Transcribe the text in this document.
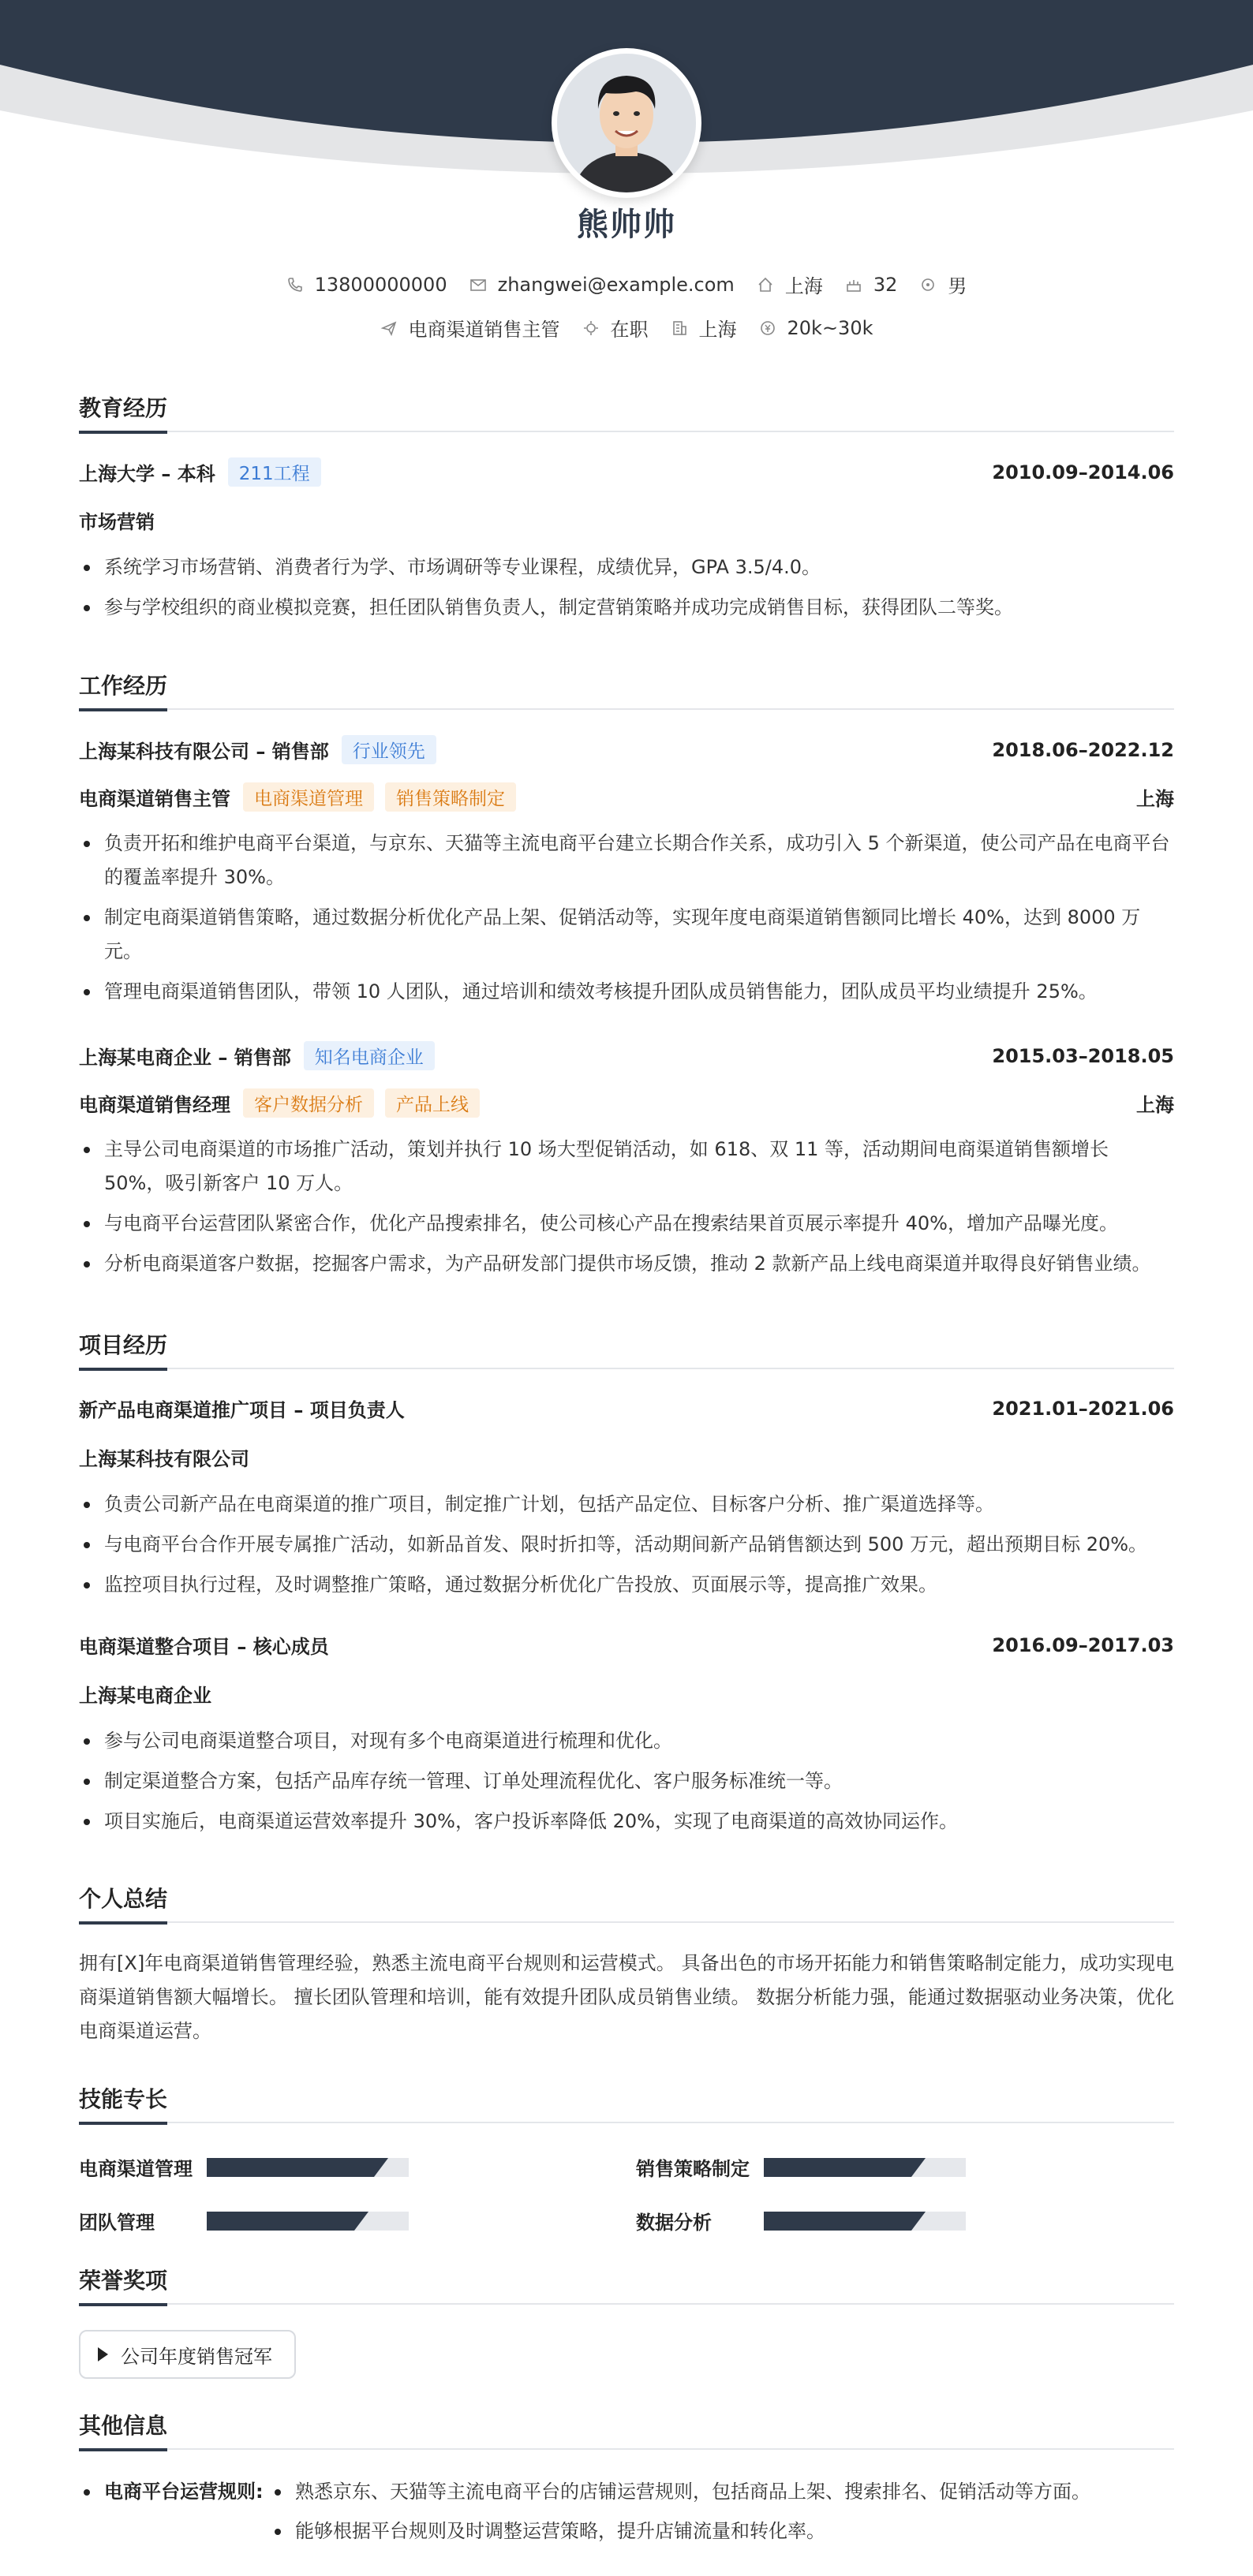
熊帅帅
13800000000	zhangwei@example.com	上海	32	男
电商渠道销售主管	在职	上海	20k~30k
教育经历
上海大学 – 本科	211工程	2010.09–2014.06
市场营销
系统学习市场营销、消费者行为学、市场调研等专业课程，成绩优异，GPA 3.5/4.0。
参与学校组织的商业模拟竞赛，担任团队销售负责人，制定营销策略并成功完成销售目标，获得团队二等奖。
工作经历
上海某科技有限公司 – 销售部	行业领先	2018.06–2022.12
电商渠道销售主管	电商渠道管理	销售策略制定	上海
负责开拓和维护电商平台渠道，与京东、天猫等主流电商平台建立长期合作关系，成功引入 5 个新渠道，使公司产品在电商平台的覆盖率提升 30%。
制定电商渠道销售策略，通过数据分析优化产品上架、促销活动等，实现年度电商渠道销售额同比增长 40%，达到 8000 万元。
管理电商渠道销售团队，带领 10 人团队，通过培训和绩效考核提升团队成员销售能力，团队成员平均业绩提升 25%。
上海某电商企业 – 销售部	知名电商企业	2015.03–2018.05
电商渠道销售经理	客户数据分析	产品上线	上海
主导公司电商渠道的市场推广活动，策划并执行 10 场大型促销活动，如 618、双 11 等，活动期间电商渠道销售额增长 50%，吸引新客户 10 万人。
与电商平台运营团队紧密合作，优化产品搜索排名，使公司核心产品在搜索结果首页展示率提升 40%，增加产品曝光度。
分析电商渠道客户数据，挖掘客户需求，为产品研发部门提供市场反馈，推动 2 款新产品上线电商渠道并取得良好销售业绩。
项目经历
新产品电商渠道推广项目 – 项目负责人	2021.01–2021.06
上海某科技有限公司
负责公司新产品在电商渠道的推广项目，制定推广计划，包括产品定位、目标客户分析、推广渠道选择等。
与电商平台合作开展专属推广活动，如新品首发、限时折扣等，活动期间新产品销售额达到 500 万元，超出预期目标 20%。
监控项目执行过程，及时调整推广策略，通过数据分析优化广告投放、页面展示等，提高推广效果。
电商渠道整合项目 – 核心成员	2016.09–2017.03
上海某电商企业
参与公司电商渠道整合项目，对现有多个电商渠道进行梳理和优化。
制定渠道整合方案，包括产品库存统一管理、订单处理流程优化、客户服务标准统一等。
项目实施后，电商渠道运营效率提升 30%，客户投诉率降低 20%，实现了电商渠道的高效协同运作。
个人总结
拥有[X]年电商渠道销售管理经验，熟悉主流电商平台规则和运营模式。 具备出色的市场开拓能力和销售策略制定能力，成功实现电商渠道销售额大幅增长。 擅长团队管理和培训，能有效提升团队成员销售业绩。 数据分析能力强，能通过数据驱动业务决策，优化电商渠道运营。
技能专长
电商渠道管理	销售策略制定
团队管理	数据分析
荣誉奖项
公司年度销售冠军
其他信息
电商平台运营规则:	熟悉京东、天猫等主流电商平台的店铺运营规则，包括商品上架、搜索排名、促销活动等方面。
能够根据平台规则及时调整运营策略，提升店铺流量和转化率。
